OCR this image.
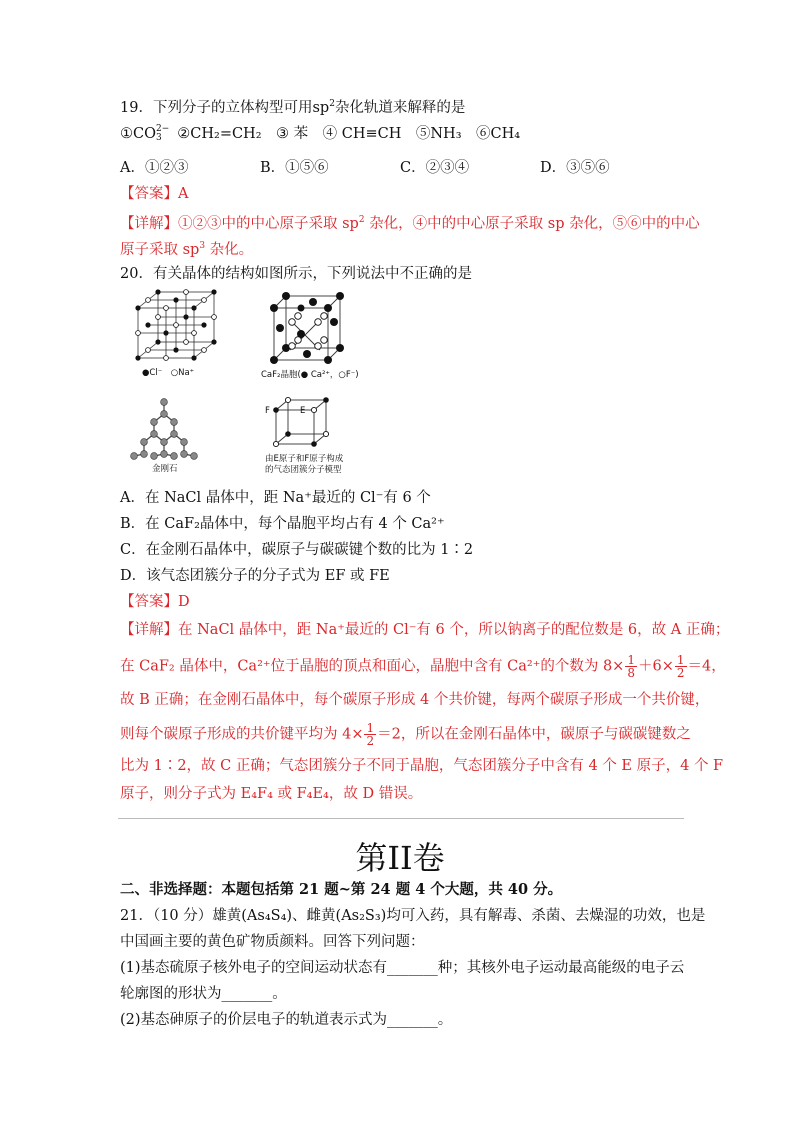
19．下列分子的立体构型可用$sp^2$杂化轨道来解释的是
①CO 2−
3	②CH₂=CH₂　③ 苯　④ CH≡CH　⑤NH₃　⑥CH₄
A．①②③	B．①⑤⑥	C．②③④	D．③⑤⑥
【答案】A
【详解】①②③中的中心原子采取 $sp^2$ 杂化，④中的中心原子采取 sp 杂化，⑤⑥中的中心
原子采取 $sp^3$ 杂化。
20．有关晶体的结构如图所示，下列说法中不正确的是
●Cl⁻　○Na⁺	CaF₂晶胞(● Ca²⁺，○F⁻)
金刚石
F	E
由E原子和F原子构成
的气态团簇分子模型
A．在 NaCl 晶体中，距 Na⁺最近的 Cl⁻有 6 个
B．在 CaF₂晶体中，每个晶胞平均占有 4 个 Ca²⁺
C．在金刚石晶体中，碳原子与碳碳键个数的比为 1∶2
D．该气态团簇分子的分子式为 EF 或 FE
【答案】D
【详解】在 NaCl 晶体中，距 Na⁺最近的 Cl⁻有 6 个，所以钠离子的配位数是 6，故 A 正确；
在 CaF₂ 晶体中，Ca²⁺位于晶胞的顶点和面心，晶胞中含有 Ca²⁺的个数为 $8\times \frac{1}{8} +6\times \frac{1}{2} =4$，
故 B 正确；在金刚石晶体中，每个碳原子形成 4 个共价键，每两个碳原子形成一个共价键，
则每个碳原子形成的共价键平均为 $4\times \frac{1}{2} =2$，所以在金刚石晶体中，碳原子与碳碳键数之
比为 1∶2，故 C 正确；气态团簇分子不同于晶胞，气态团簇分子中含有 4 个 E 原子，4 个 F
原子，则分子式为 E₄F₄ 或 F₄E₄，故 D 错误。
第II卷
二、非选择题：本题包括第 21 题~第 24 题 4 个大题，共 40 分。
21．（10 分）雄黄(As₄S₄)、雌黄(As₂S₃)均可入药，具有解毒、杀菌、去燥湿的功效，也是
中国画主要的黄色矿物质颜料。回答下列问题：
(1)基态硫原子核外电子的空间运动状态有_______种；其核外电子运动最高能级的电子云
轮廓图的形状为_______。
(2)基态砷原子的价层电子的轨道表示式为_______。
